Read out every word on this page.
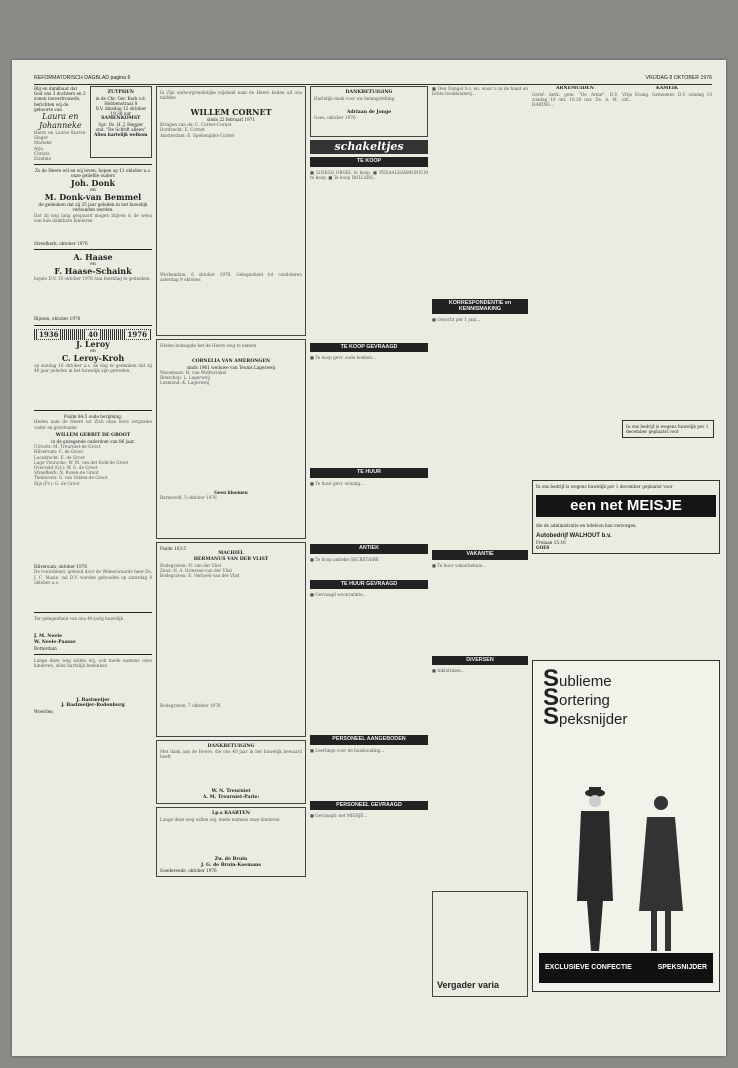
REFORMATORISCH DAGBLAD pagina 6	VRIJDAG 8 OKTOBER 1976
Blij en dankbaar dat God ons 3 dochters en 2 zonen toevertrouwde, berichten wij de geboorte van
Laura en Johanneke
Harm en Laurie Kurvin-Slager
Marieke
Arja
Christa
Elzelina
ZUTPHEN
in de Chr. Ger. Kerk v.d. Hebbenstraat 8
D.V. dinsdag 12 oktober 19.30 uur
SAMENKOMST
Spr: Ds. H. J. Hegger
ond. "De Schrift alleen"
Allen hartelijk welkom
Zo de Heere wil en wij leven, hopen op 11 oktober a.s. onze geliefde ouders
Joh. Donk
en
M. Donk-van Bemmel
de gedenken dat zij 25 jaar geleden in het huwelijk verbonden werden.
Dat zij nog lang gespaard mogen blijven is de wens van hun dankbare kinderen
Streefkerk, oktober 1976
A. Haase
en
F. Haase-Schaink
hopen D.V. 10 oktober 1976 hun feestdag te gedenken.
Rijssen, oktober 1976
1936	40	1976
J. Leroy
en
C. Leroy-Kroh
op zondag 10 oktober a.s. de dag te gedenken dat zij 40 jaar geleden in het huwelijk zijn getreden.
Psalm 84:5 oude berijming.
Heden nam de Heere tot Zich onze lieve zorgzame vader en grootvader
WILLEM GERRIT DE GROOT
in de gezegende ouderdom van 86 jaar.
Utrecht: M. Treurniet-de Groot
Hilversum: C. de Groot
Loosdrecht: E. de Groot
Lage Vuursche: W. M. van der Kolk-de Groot
Overveld (Gr.): W. G. de Groot
Streefkerk: N. Rozen-de Groot
Tienhoven: G. van Velzen-de Groot
Rijs (Fr.): G. de Groot
Hilversum, oktober 1976
De rouwdienst, gehoud door de Weleerwaarde heer Ds. J. C. Mazie, zal D.V. worden gehouden op zaterdag 9 oktober a.s.
Ter gelegenheid van ons 40-jarig huwelijk
J. M. Neele
W. Neele-Paasse
Rotterdam
Lange deze weg willen wij, ook mede namens onze kinderen, allen hartelijk bedanken
J. Bastmeijer
J. Bastmeijer-Rodenburg
Woerden
In Zijn ondoorgrondelijke wijsheid nam de Heere heden uit ons midden
WILLEM CORNET
sinds 22 februari 1971
Kringen van de: C. Cornet-Cornet
Dordrecht: E. Cornet
Amsterdam: E. Spekenijder-Cornet
Werkendam, 6 oktober 1976. Gelegenheid tot condoleren zaterdag 9 oktober.
Heden behaagde het de Heere weg te nemen
CORNELIA VAN AMERONGEN
sinds 1961 weduwe van Teunis Lagerweij
Wassenaar: H. van Wolfswinkel
Benschop: L. Lagerweij
Lexmond: K. Lagerweij
Geen bloemen
Barneveld, 5 oktober 1976
Psalm 103:5
MACHIEL
HERMANUS VAN DER VLIST
Bodegraven: N. van der Vlist
Zeist: N. A. Driessen-van der Vlist
Bodegraven: E. Verhoek-van der Vlist
Bodegraven, 7 oktober 1976
DANKBETUIGING
Met dank aan de Heere, die ons 40 jaar in het huwelijk bewaard heeft
W. N. Treurniet
A. M. Treurniet-Parie:
Lp.s KAARTEN
Lange deze weg willen wij, mede namens onze kinderen
Zw. de Bruin
J. G. de Bruin-Koemans
Goedereede, oktober 1976
DANKBETUIGING
Hartelijk dank voor uw belangstelling
Adriaan de Jonge
Goes, oktober 1976
schakeltjes
TE KOOP
■ LINKGG ORGEL te koop. ■ PEDAALHARMONIUM te koop. ■ Te koop DOLLARS...
TE KOOP GEVRAAGD
■ Te koop gevr. oude boeken...
TE HUUR
■ Te huur gevr. woning...
ANTIEK
■ Te koop antieke SECRETAIRE
TE HUUR GEVRAAGD
■ Gevraagd woonruimte...
PERSONEEL AANGEBODEN
■ Leerlinge voor de huishouding...
PERSONEEL GEVRAAGD
■ Gevraagd: net MEISJE...
■ Den Dungel b.v. en. waar u in de hand en lichte boekbinderij...
KORRESPONDENTIE en KENNISMAKING
■ Gezocht per 1 juni...
VAKANTIE
■ Te huur vakantiehuis...
DIVERSEN
■ Inktstralen...
Vergader varia
ARNEMUIDEN
Geref. kerk. gem. "De Arme". D.V. zondag 10 okt. 19.30 uur. Ds. A. M. HARING...
KAMEIK
Vrije Evang. Gemeente. D.V. zondag 10 okt...
In ons bedrijf is wegens huwelijk per 1 december geplaatst voor
In ons bedrijf is wegens huwelijk per 1 december geplaatst voor
een net MEISJE
die de administratie en telefoon kan verzorgen.
Autobedrijf WALHOUT b.v.
Frelaan 15-16
GOES
Sublieme
Sortering
Speksnijder
EXCLUSIEVE CONFECTIE	SPEKSNIJDER
